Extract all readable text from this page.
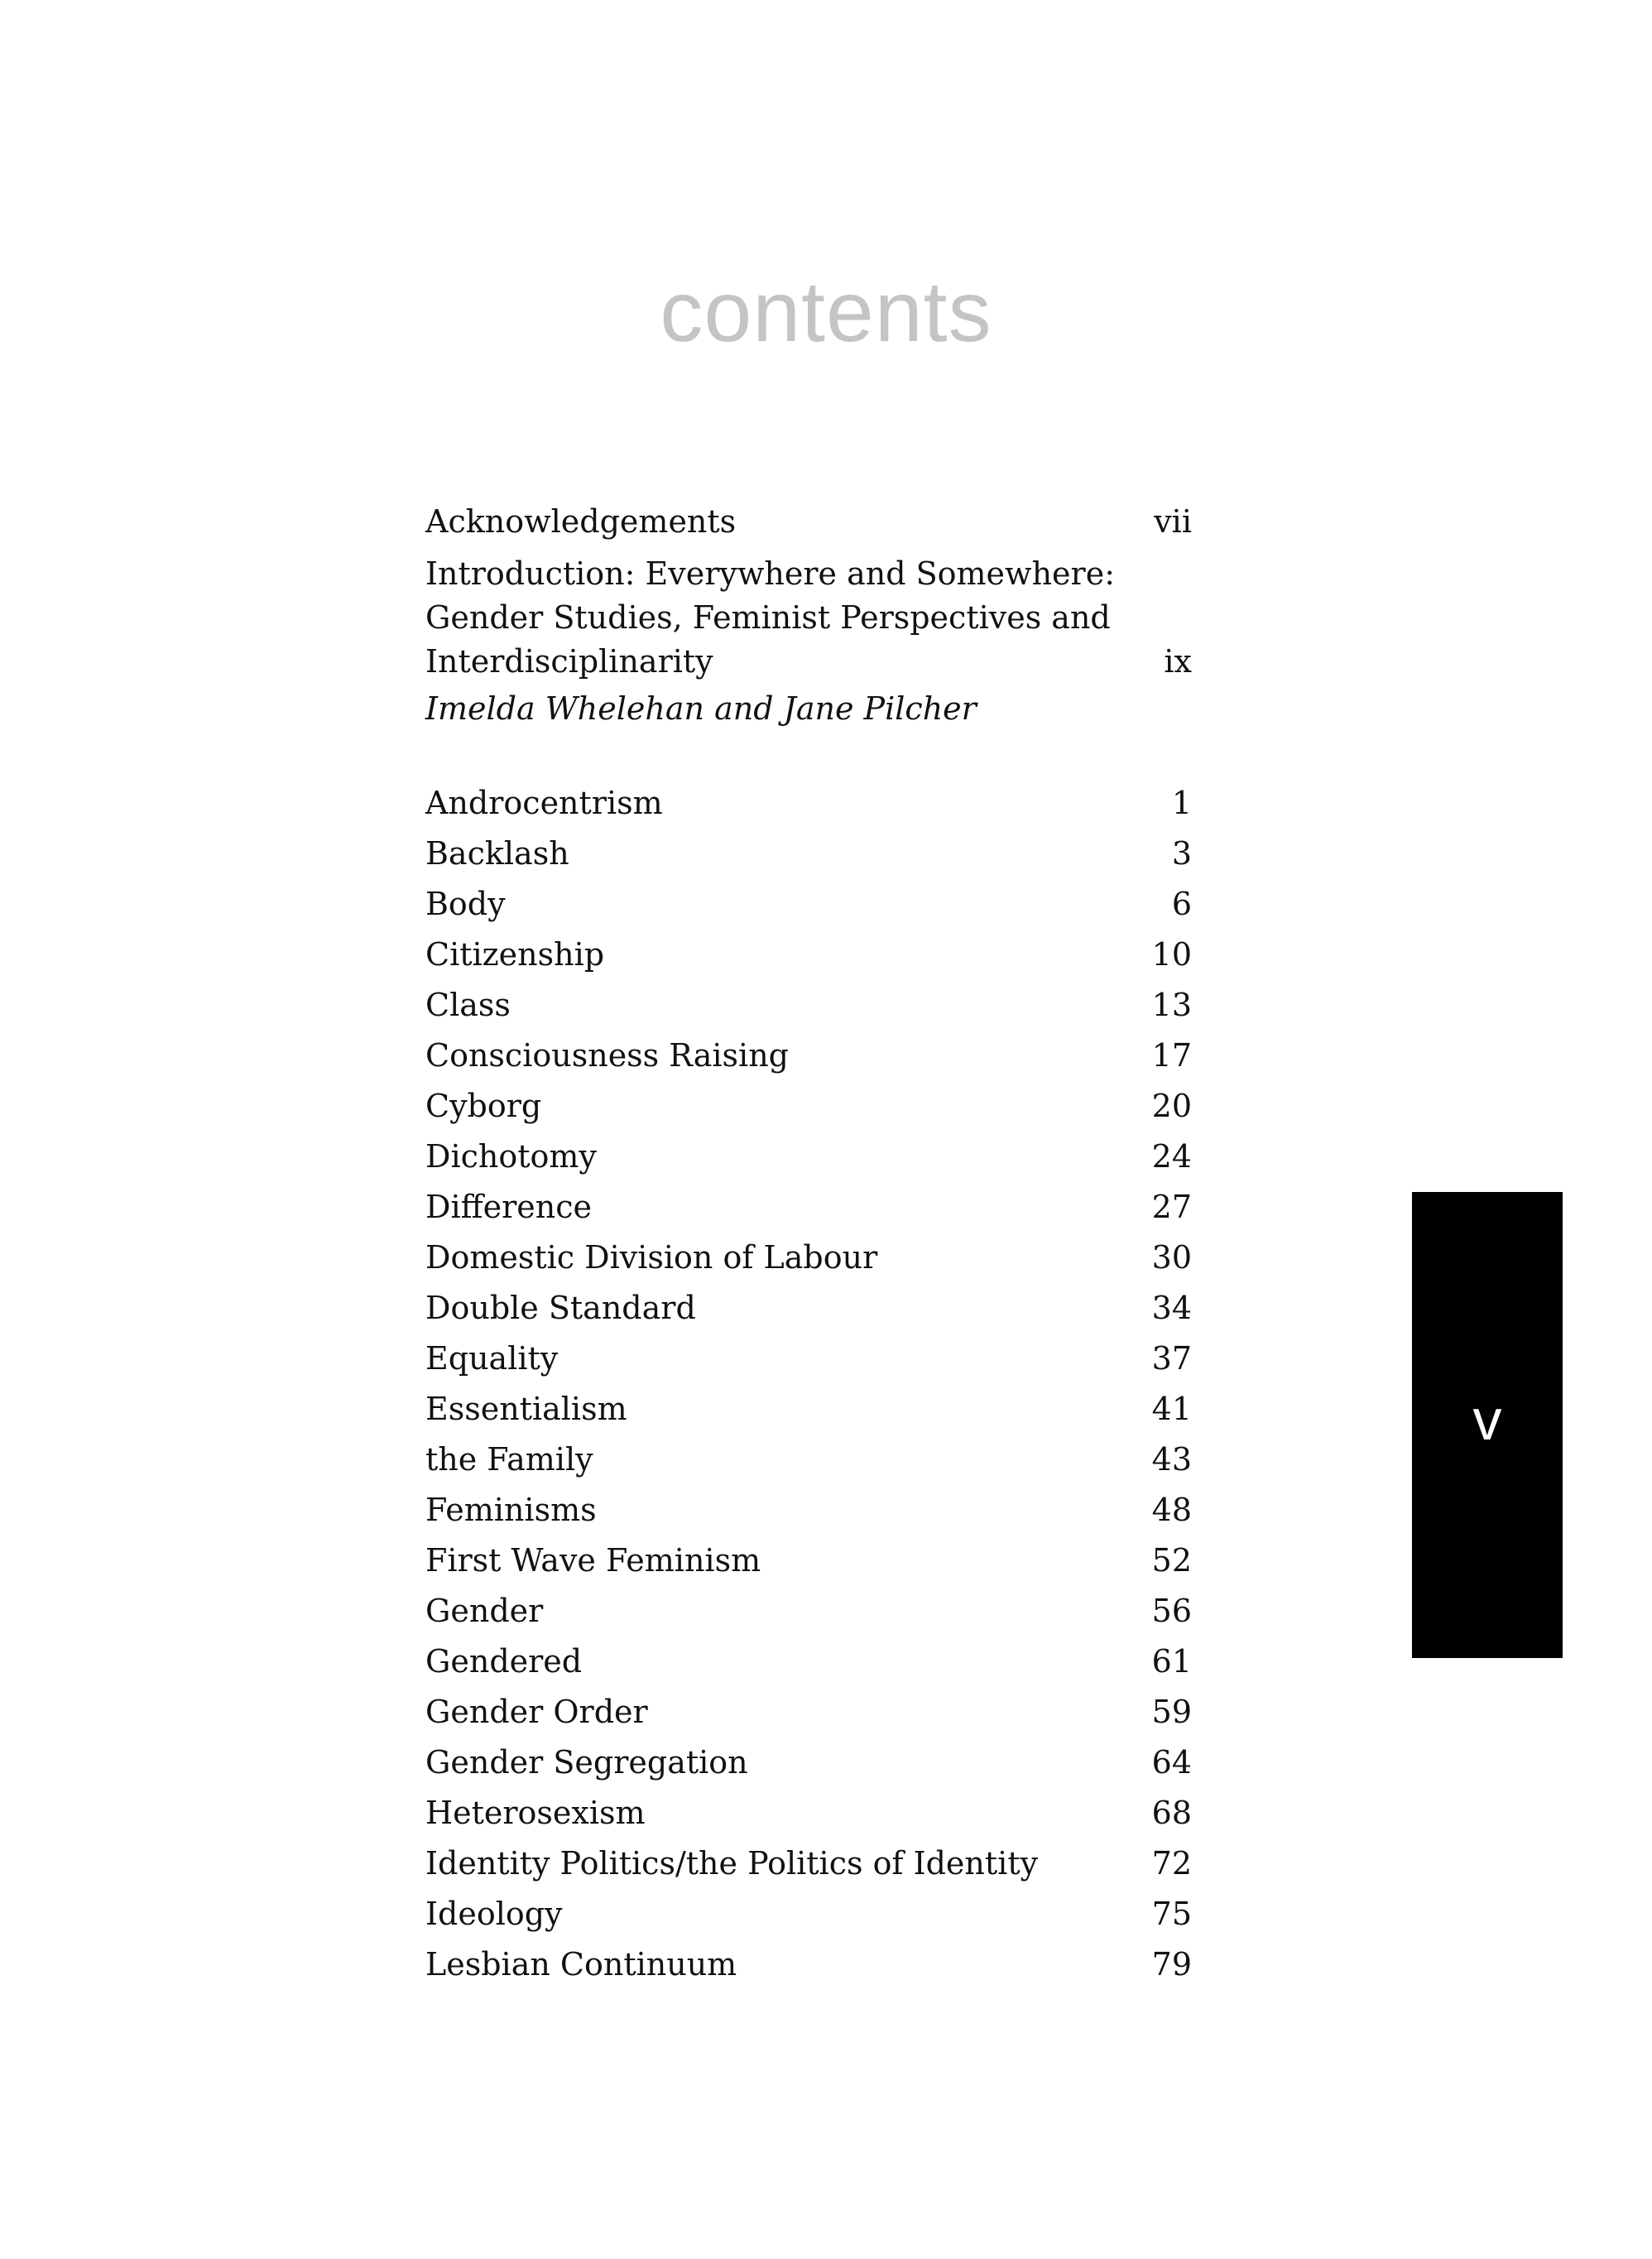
contents
Acknowledgements	vii
Introduction: Everywhere and Somewhere:
Gender Studies, Feminist Perspectives and
Interdisciplinarity	ix
Imelda Whelehan and Jane Pilcher
Androcentrism	1
Backlash	3
Body	6
Citizenship	10
Class	13
Consciousness Raising	17
Cyborg	20
Dichotomy	24
Difference	27
Domestic Division of Labour	30
Double Standard	34
Equality	37
Essentialism	41
the Family	43
Feminisms	48
First Wave Feminism	52
Gender	56
Gendered	61
Gender Order	59
Gender Segregation	64
Heterosexism	68
Identity Politics/the Politics of Identity	72
Ideology	75
Lesbian Continuum	79
v
